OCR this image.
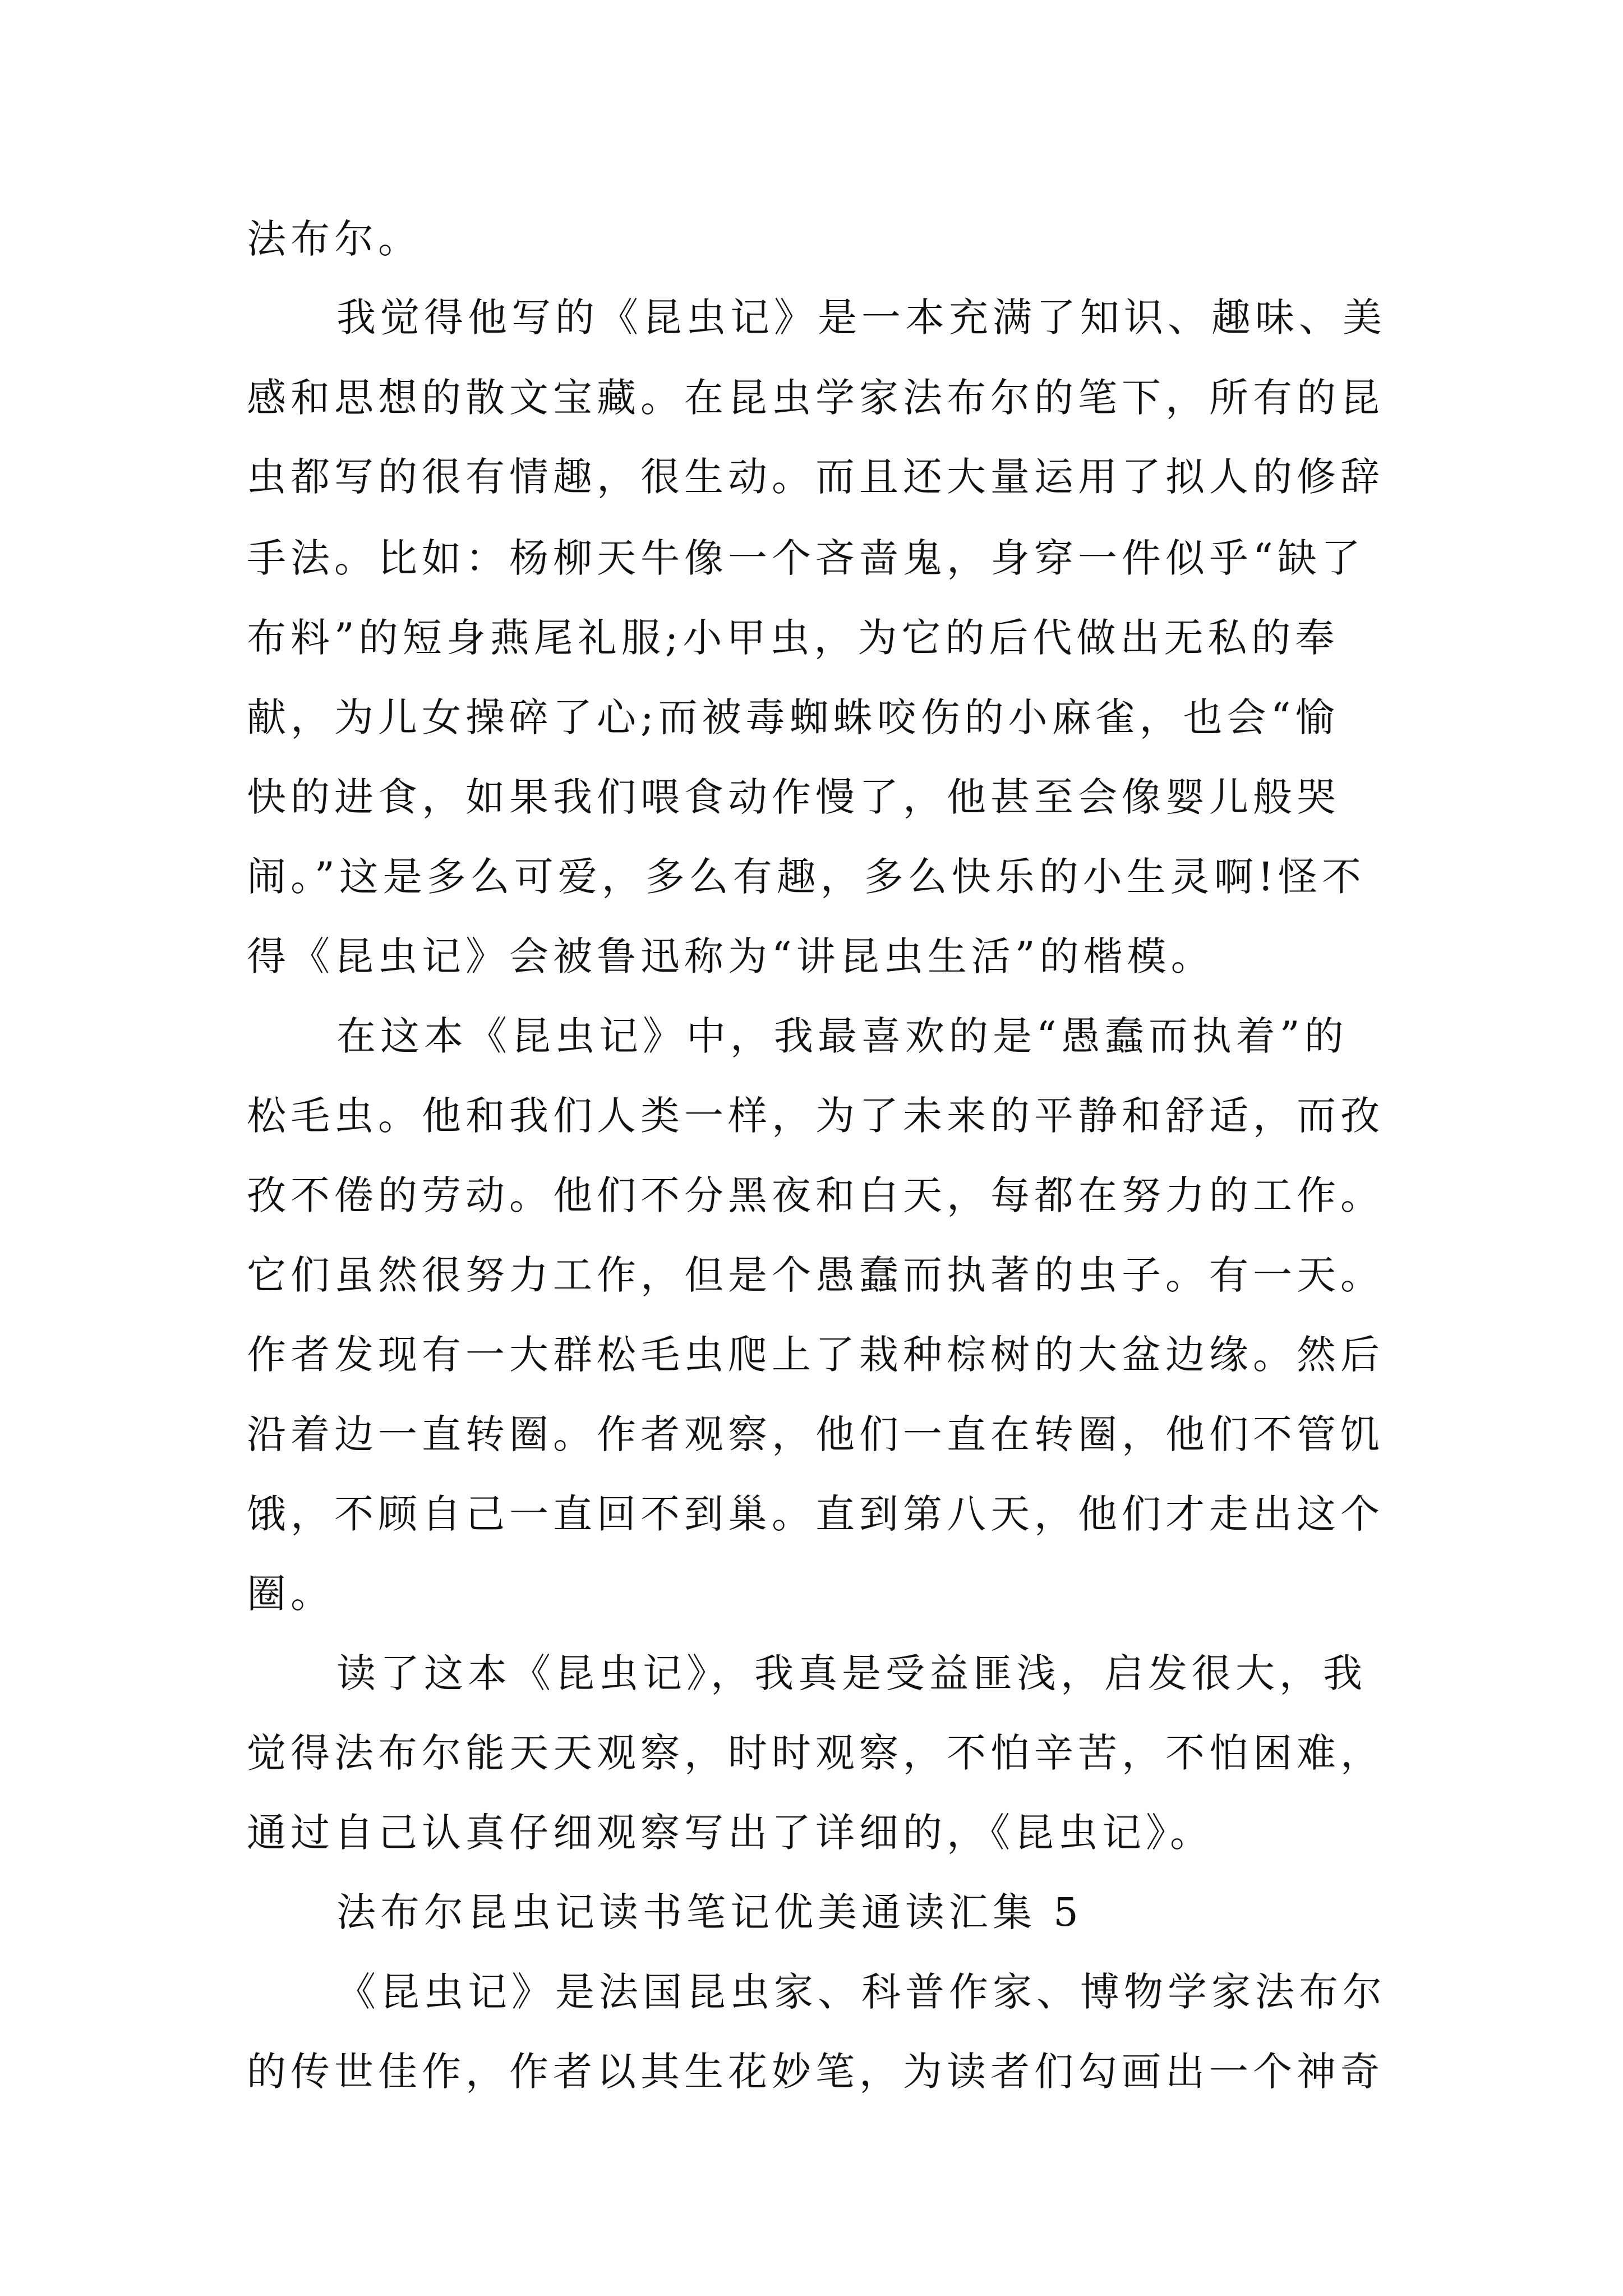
法布尔。
我觉得他写的《昆虫记》是一本充满了知识、趣味、美
感和思想的散文宝藏。在昆虫学家法布尔的笔下，所有的昆
虫都写的很有情趣，很生动。而且还大量运用了拟人的修辞
手法。比如：杨柳天牛像一个吝啬鬼，身穿一件似乎“缺了
布料”的短身燕尾礼服;小甲虫，为它的后代做出无私的奉
献，为儿女操碎了心;而被毒蜘蛛咬伤的小麻雀，也会“愉
快的进食，如果我们喂食动作慢了，他甚至会像婴儿般哭
闹。”这是多么可爱，多么有趣，多么快乐的小生灵啊!怪不
得《昆虫记》会被鲁迅称为“讲昆虫生活”的楷模。
在这本《昆虫记》中，我最喜欢的是“愚蠢而执着”的
松毛虫。他和我们人类一样，为了未来的平静和舒适，而孜
孜不倦的劳动。他们不分黑夜和白天，每都在努力的工作。
它们虽然很努力工作，但是个愚蠢而执著的虫子。有一天。
作者发现有一大群松毛虫爬上了栽种棕树的大盆边缘。然后
沿着边一直转圈。作者观察，他们一直在转圈，他们不管饥
饿，不顾自己一直回不到巢。直到第八天，他们才走出这个
圈。
读了这本《昆虫记》，我真是受益匪浅，启发很大，我
觉得法布尔能天天观察，时时观察，不怕辛苦，不怕困难，
通过自己认真仔细观察写出了详细的，《昆虫记》。
法布尔昆虫记读书笔记优美通读汇集 5
《昆虫记》是法国昆虫家、科普作家、博物学家法布尔
的传世佳作，作者以其生花妙笔，为读者们勾画出一个神奇
